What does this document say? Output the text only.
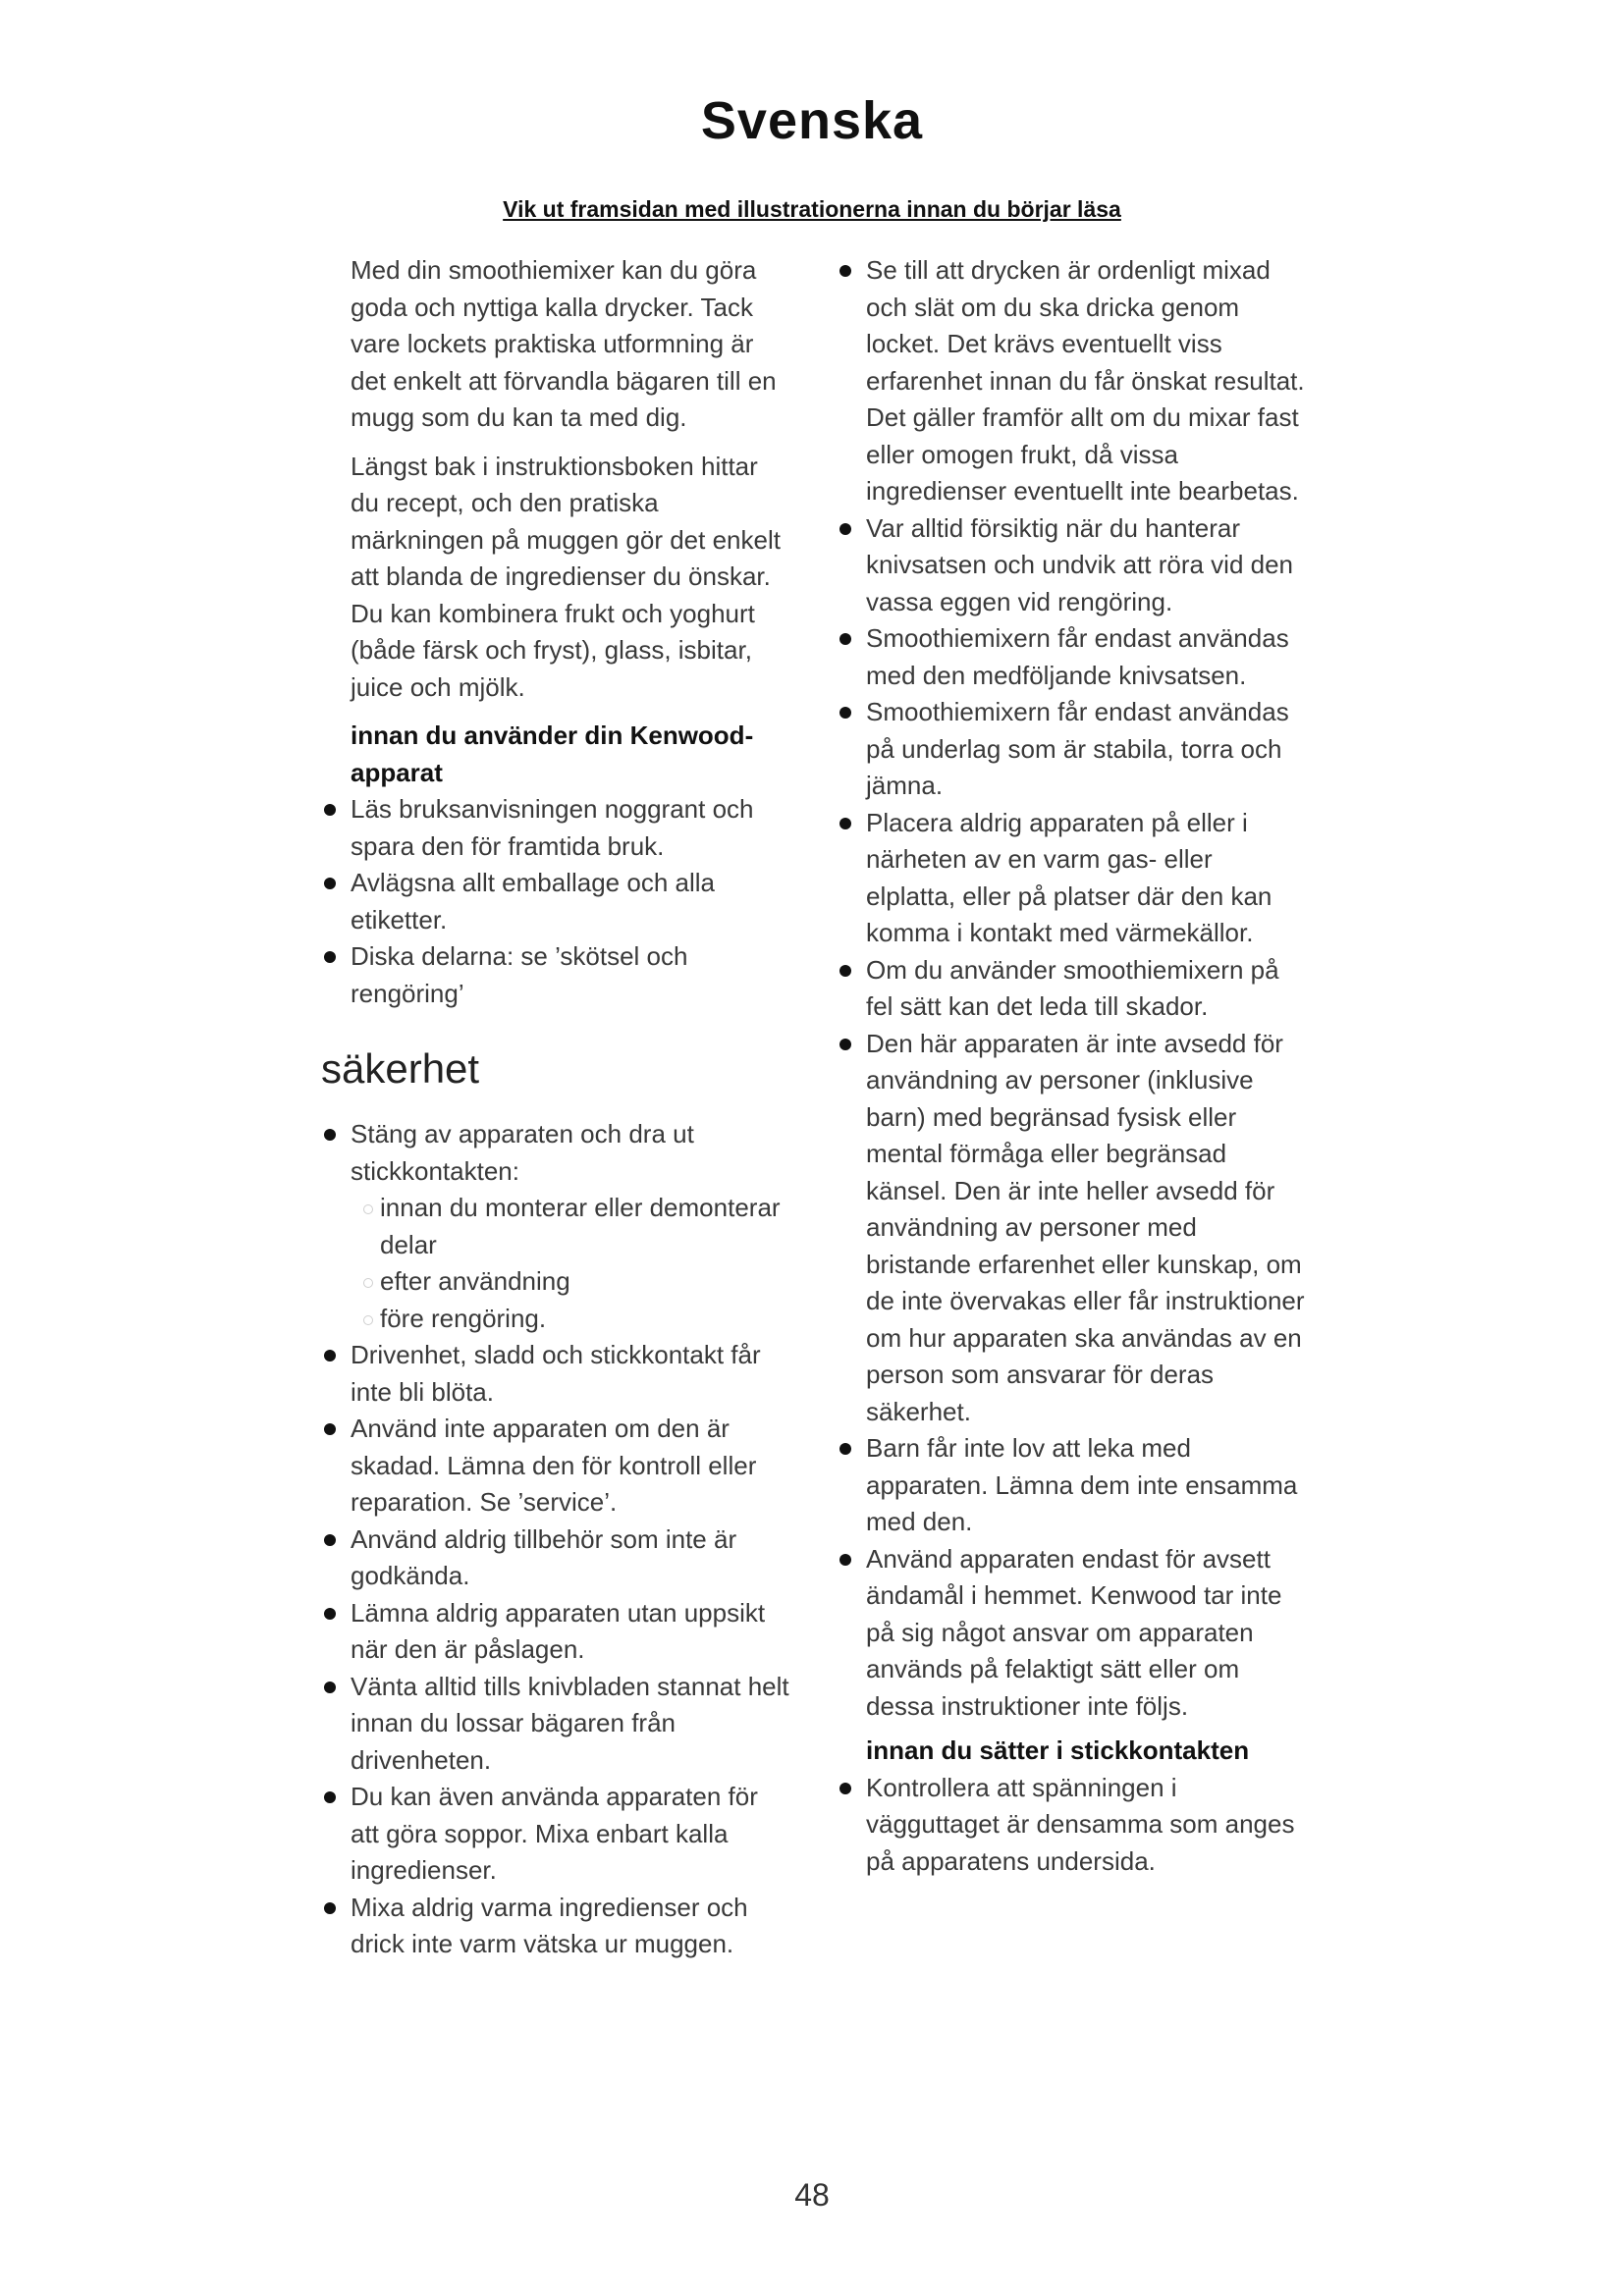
Svenska

Vik ut framsidan med illustrationerna innan du börjar läsa

Med din smoothiemixer kan du göra goda och nyttiga kalla drycker. Tack vare lockets praktiska utformning är det enkelt att förvandla bägaren till en mugg som du kan ta med dig.

Längst bak i instruktionsboken hittar du recept, och den pratiska märkningen på muggen gör det enkelt att blanda de ingredienser du önskar. Du kan kombinera frukt och yoghurt (både färsk och fryst), glass, isbitar, juice och mjölk.

innan du använder din Kenwood-apparat
Läs bruksanvisningen noggrant och spara den för framtida bruk.
Avlägsna allt emballage och alla etiketter.
Diska delarna: se ’skötsel och rengöring’
säkerhet
Stäng av apparaten och dra ut stickkontakten:
innan du monterar eller demonterar delar
efter användning
före rengöring.
Drivenhet, sladd och stickkontakt får inte bli blöta.
Använd inte apparaten om den är skadad. Lämna den för kontroll eller reparation. Se ’service’.
Använd aldrig tillbehör som inte är godkända.
Lämna aldrig apparaten utan uppsikt när den är påslagen.
Vänta alltid tills knivbladen stannat helt innan du lossar bägaren från drivenheten.
Du kan även använda apparaten för att göra soppor. Mixa enbart kalla ingredienser.
Mixa aldrig varma ingredienser och drick inte varm vätska ur muggen.
Se till att drycken är ordenligt mixad och slät om du ska dricka genom locket. Det krävs eventuellt viss erfarenhet innan du får önskat resultat. Det gäller framför allt om du mixar fast eller omogen frukt, då vissa ingredienser eventuellt inte bearbetas.
Var alltid försiktig när du hanterar knivsatsen och undvik att röra vid den vassa eggen vid rengöring.
Smoothiemixern får endast användas med den medföljande knivsatsen.
Smoothiemixern får endast användas på underlag som är stabila, torra och jämna.
Placera aldrig apparaten på eller i närheten av en varm gas- eller elplatta, eller på platser där den kan komma i kontakt med värmekällor.
Om du använder smoothiemixern på fel sätt kan det leda till skador.
Den här apparaten är inte avsedd för användning av personer (inklusive barn) med begränsad fysisk eller mental förmåga eller begränsad känsel. Den är inte heller avsedd för användning av personer med bristande erfarenhet eller kunskap, om de inte övervakas eller får instruktioner om hur apparaten ska användas av en person som ansvarar för deras säkerhet.
Barn får inte lov att leka med apparaten. Lämna dem inte ensamma med den.
Använd apparaten endast för avsett ändamål i hemmet. Kenwood tar inte på sig något ansvar om apparaten används på felaktigt sätt eller om dessa instruktioner inte följs.
innan du sätter i stickkontakten
Kontrollera att spänningen i vägguttaget är densamma som anges på apparatens undersida.
48
